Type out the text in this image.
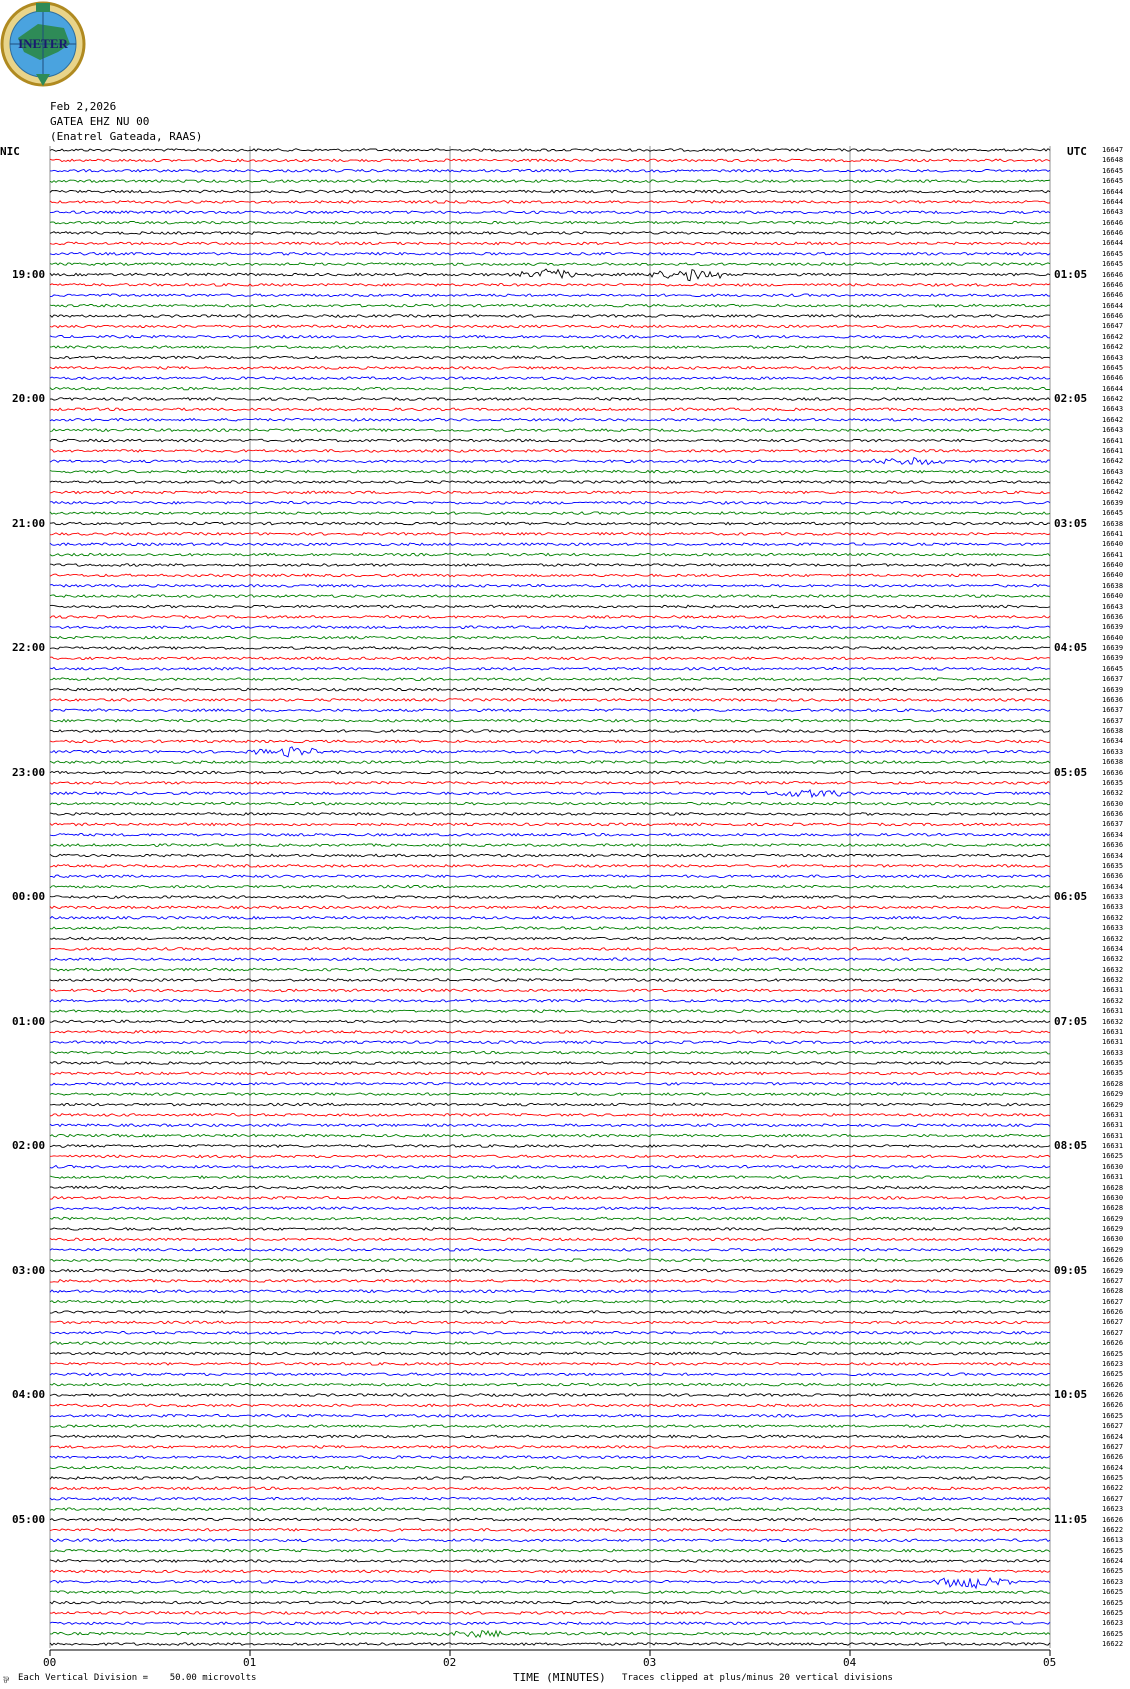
INETER
Feb 2,2026
GATEA EHZ NU 00
(Enatrel Gateada, RAAS)
NIC	UTC
19:00
20:00
21:00
22:00
23:00
00:00
01:00
02:00
03:00
04:00
05:00
01:05
02:05
03:05
04:05
05:05
06:05
07:05
08:05
09:05
10:05
11:05
16647
16648
16645
16645
16644
16644
16643
16646
16646
16644
16645
16645
16646
16646
16646
16644
16646
16647
16642
16642
16643
16645
16646
16644
16642
16643
16642
16643
16641
16641
16642
16643
16642
16642
16639
16645
16638
16641
16640
16641
16640
16640
16638
16640
16643
16636
16639
16640
16639
16639
16645
16637
16639
16636
16637
16637
16638
16634
16633
16638
16636
16635
16632
16630
16636
16637
16634
16636
16634
16635
16636
16634
16633
16633
16632
16633
16632
16634
16632
16632
16632
16631
16632
16631
16632
16631
16631
16633
16635
16635
16628
16629
16629
16631
16631
16631
16631
16625
16630
16631
16628
16630
16628
16629
16629
16630
16629
16626
16629
16627
16628
16627
16626
16627
16627
16626
16625
16623
16625
16626
16626
16626
16625
16627
16624
16627
16626
16624
16625
16622
16627
16623
16626
16622
16613
16625
16624
16625
16623
16625
16625
16625
16623
16625
16622
00	01	02	03	04	05
⅌ Each Vertical Division =    50.00 microvolts	TIME (MINUTES) Traces clipped at plus/minus 20 vertical divisions
